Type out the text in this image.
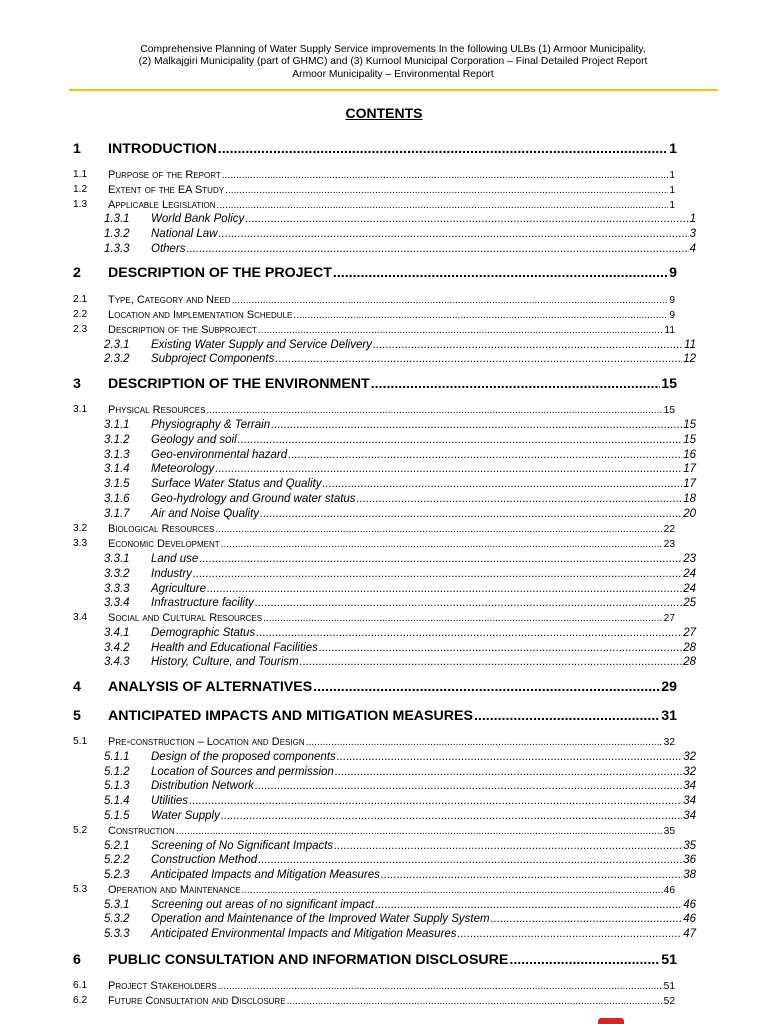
Comprehensive Planning of Water Supply Service improvements In the following ULBs (1) Armoor Municipality,
(2) Malkajgiri Municipality (part of GHMC) and (3) Kurnool Municipal Corporation – Final Detailed Project Report
Armoor Municipality – Environmental Report
CONTENTS
1 INTRODUCTION .....	1
1.1 Purpose of the Report .....	1
1.2 Extent of the EA Study .....	1
1.3 Applicable Legislation .....	1
1.3.1 World Bank Policy .....	1
1.3.2 National Law .....	3
1.3.3 Others .....	4
2 DESCRIPTION OF THE PROJECT .....	9
2.1 Type, Category and Need .....	9
2.2 Location and Implementation Schedule .....	9
2.3 Description of the Subproject .....	11
2.3.1 Existing Water Supply and Service Delivery .....	11
2.3.2 Subproject Components .....	12
3 DESCRIPTION OF THE ENVIRONMENT .....	15
3.1 Physical Resources .....	15
3.1.1 Physiography & Terrain .....	15
3.1.2 Geology and soil .....	15
3.1.3 Geo-environmental hazard .....	16
3.1.4 Meteorology .....	17
3.1.5 Surface Water Status and Quality .....	17
3.1.6 Geo-hydrology and Ground water status .....	18
3.1.7 Air and Noise Quality .....	20
3.2 Biological Resources .....	22
3.3 Economic Development .....	23
3.3.1 Land use .....	23
3.3.2 Industry .....	24
3.3.3 Agriculture .....	24
3.3.4 Infrastructure facility .....	25
3.4 Social and Cultural Resources .....	27
3.4.1 Demographic Status .....	27
3.4.2 Health and Educational Facilities .....	28
3.4.3 History, Culture, and Tourism .....	28
4 ANALYSIS OF ALTERNATIVES .....	29
5 ANTICIPATED IMPACTS AND MITIGATION MEASURES .....	31
5.1 Pre-construction – Location and Design .....	32
5.1.1 Design of the proposed components .....	32
5.1.2 Location of Sources and permission .....	32
5.1.3 Distribution Network .....	34
5.1.4 Utilities .....	34
5.1.5 Water Supply .....	34
5.2 Construction .....	35
5.2.1 Screening of No Significant Impacts .....	35
5.2.2 Construction Method .....	36
5.2.3 Anticipated Impacts and Mitigation Measures .....	38
5.3 Operation and Maintenance .....	46
5.3.1 Screening out areas of no significant impact .....	46
5.3.2 Operation and Maintenance of the Improved Water Supply System .....	46
5.3.3 Anticipated Environmental Impacts and Mitigation Measures .....	47
6 PUBLIC CONSULTATION AND INFORMATION DISCLOSURE .....	51
6.1 Project Stakeholders .....	51
6.2 Future Consultation and Disclosure .....	52
